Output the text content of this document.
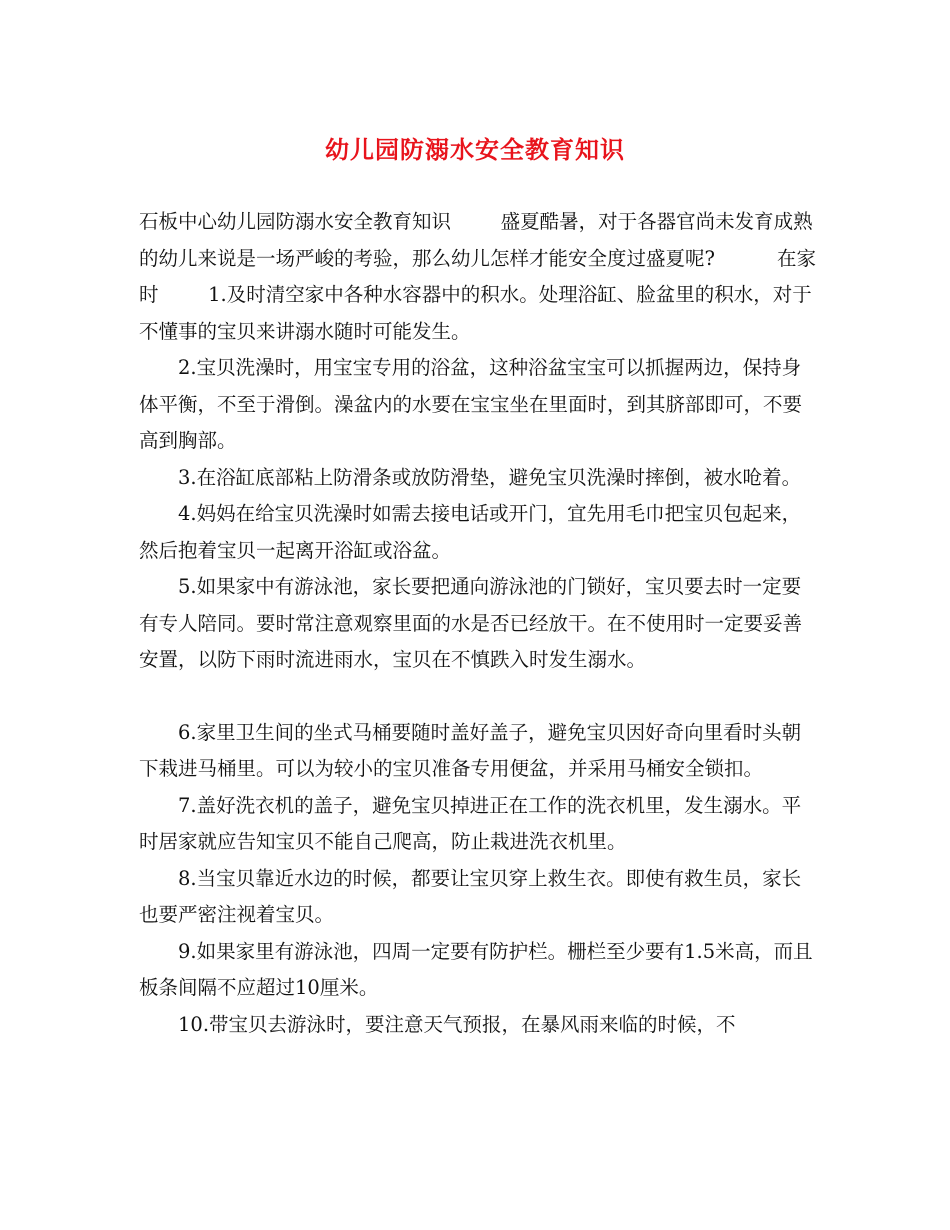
幼儿园防溺水安全教育知识

石板中心幼儿园防溺水安全教育知识        盛夏酷暑，对于各器官尚未发育成熟的幼儿来说是一场严峻的考验，那么幼儿怎样才能安全度过盛夏呢?          在家时        1.及时清空家中各种水容器中的积水。处理浴缸、脸盆里的积水，对于不懂事的宝贝来讲溺水随时可能发生。

2.宝贝洗澡时，用宝宝专用的浴盆，这种浴盆宝宝可以抓握两边，保持身体平衡，不至于滑倒。澡盆内的水要在宝宝坐在里面时，到其脐部即可，不要高到胸部。

3.在浴缸底部粘上防滑条或放防滑垫，避免宝贝洗澡时摔倒，被水呛着。

4.妈妈在给宝贝洗澡时如需去接电话或开门，宜先用毛巾把宝贝包起来，然后抱着宝贝一起离开浴缸或浴盆。

5.如果家中有游泳池，家长要把通向游泳池的门锁好，宝贝要去时一定要有专人陪同。要时常注意观察里面的水是否已经放干。在不使用时一定要妥善安置，以防下雨时流进雨水，宝贝在不慎跌入时发生溺水。

6.家里卫生间的坐式马桶要随时盖好盖子，避免宝贝因好奇向里看时头朝下栽进马桶里。可以为较小的宝贝准备专用便盆，并采用马桶安全锁扣。

7.盖好洗衣机的盖子，避免宝贝掉进正在工作的洗衣机里，发生溺水。平时居家就应告知宝贝不能自己爬高，防止栽进洗衣机里。

8.当宝贝靠近水边的时候，都要让宝贝穿上救生衣。即使有救生员，家长也要严密注视着宝贝。

9.如果家里有游泳池，四周一定要有防护栏。栅栏至少要有1.5米高，而且板条间隔不应超过10厘米。

10.带宝贝去游泳时，要注意天气预报，在暴风雨来临的时候，不
